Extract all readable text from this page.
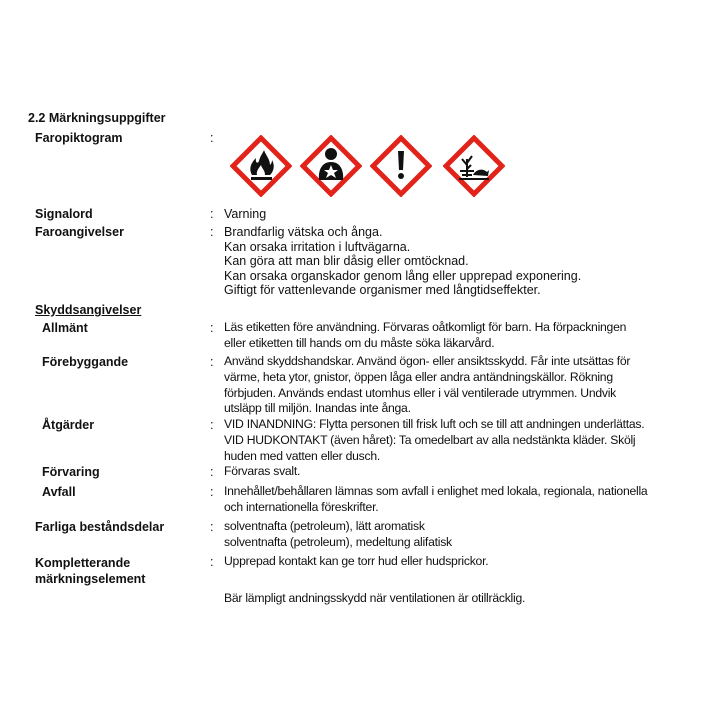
2.2 Märkningsuppgifter
Faropiktogram	:
Signalord	: Varning
Faroangivelser	: Brandfarlig vätska och ånga.
Kan orsaka irritation i luftvägarna.
Kan göra att man blir dåsig eller omtöcknad.
Kan orsaka organskador genom lång eller upprepad exponering.
Giftigt för vattenlevande organismer med långtidseffekter.
Skyddsangivelser
Allmänt	: Läs etiketten före användning. Förvaras oåtkomligt för barn. Ha förpackningen
eller etiketten till hands om du måste söka läkarvård.
Förebyggande	: Använd skyddshandskar. Använd ögon- eller ansiktsskydd. Får inte utsättas för
värme, heta ytor, gnistor, öppen låga eller andra antändningskällor. Rökning
förbjuden. Används endast utomhus eller i väl ventilerade utrymmen. Undvik
utsläpp till miljön. Inandas inte ånga.
Åtgärder	: VID INANDNING: Flytta personen till frisk luft och se till att andningen underlättas.
VID HUDKONTAKT (även håret): Ta omedelbart av alla nedstänkta kläder. Skölj
huden med vatten eller dusch.
Förvaring	: Förvaras svalt.
Avfall	: Innehållet/behållaren lämnas som avfall i enlighet med lokala, regionala, nationella
och internationella föreskrifter.
Farliga beståndsdelar	: solventnafta (petroleum), lätt aromatisk
solventnafta (petroleum), medeltung alifatisk
Kompletterande
märkningselement
: Upprepad kontakt kan ge torr hud eller hudsprickor.
Bär lämpligt andningsskydd när ventilationen är otillräcklig.
